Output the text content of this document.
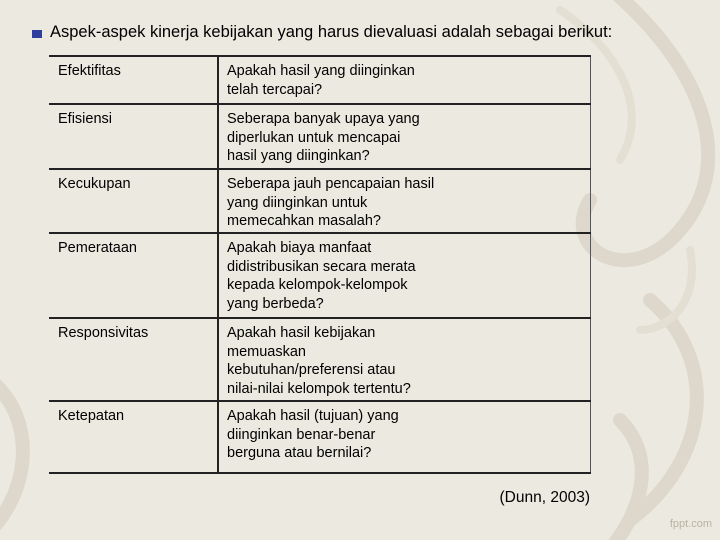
Aspek-aspek kinerja kebijakan yang harus dievaluasi adalah sebagai berikut:
Efektifitas	Apakah hasil yang diinginkan
telah tercapai?
Efisiensi	Seberapa banyak upaya yang
diperlukan untuk mencapai
hasil yang diinginkan?
Kecukupan	Seberapa jauh pencapaian hasil
yang diinginkan untuk
memecahkan masalah?
Pemerataan	Apakah biaya manfaat
didistribusikan secara merata
kepada kelompok-kelompok
yang berbeda?
Responsivitas	Apakah hasil kebijakan
memuaskan
kebutuhan/preferensi atau
nilai-nilai kelompok tertentu?
Ketepatan	Apakah hasil (tujuan) yang
diinginkan benar-benar
berguna atau bernilai?
(Dunn, 2003)
fppt.com
